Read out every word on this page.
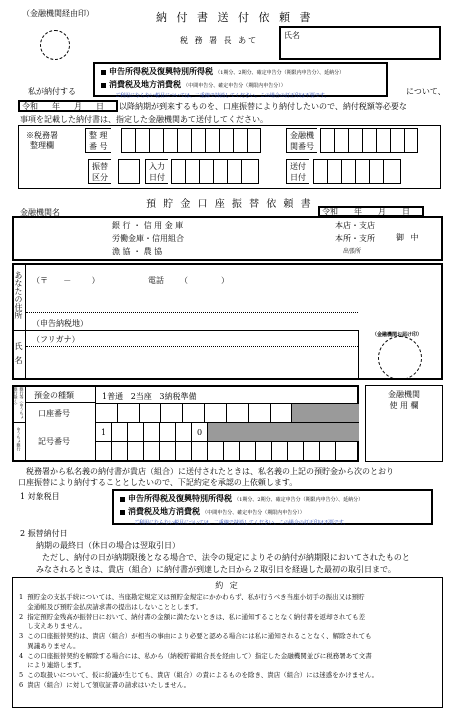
（金融機関経由印）	納 付 書 送 付 依 頼 書
税 務 署 長 あて
氏名
私が納付する
申告所得税及復興特別所得税 （1期分、2期分、確定申告分（期限内申告分）、延納分）
消費税及地方消費税 （中間申告分、確定申告分（期限内申告分））
ご利用にならない税目については、二重線で抹消してください。この場合の訂正印は不要です。	について、
令和 年 月 日 以降納期が到来するものを、口座振替により納付したいので、納付税額等必要な
事項を記載した納付書は、指定した金融機関あて送付してください。
※税務署
整理欄
整 理
番 号
金融機
関番号
振替
区分
入力
日付
送付
日付
預 貯 金 口 座 振 替 依 頼 書
金融機関名	令和 年 月 日
銀 行 ・ 信 用 金 庫
労働金庫・信用組合
漁 協 ・ 農 協
本店・支店
本所・支所
出張所
御 中
あなたの住所 （〒      －        ）	電話 （             ）
（申告納税地）
（フリガナ）
氏名
（金融機関お届け印）
銀行等（ゆうちょ銀行除く）
ゆうちょ銀行
預金の種類	1普通   2当座   3納税準備
口座番号
記号番号
1	0
金融機関
使 用 欄
税務署から私名義の納付書が貴店（組合）に送付されたときは、私名義の上記の預貯金から次のとおり
口座振替により納付することとしたいので、下記約定を承認の上依頼します。
1 対象税目	申告所得税及復興特別所得税 （1期分、2期分、確定申告分（期限内申告分）、延納分）
消費税及地方消費税 （中間申告分、確定申告分（期限内申告分））
ご利用にならない税目については、二重線で抹消してください。この場合の訂正印は不要です。
2 振替納付日
納期の最終日（休日の場合は翌取引日）
ただし、納付の日が納期限後となる場合で、法令の規定によりその納付が納期限においてされたものと
みなされるときは、貴店（組合）に納付書が到達した日から２取引日を経過した最初の取引日まで。
約 定

1  預貯金の支払手続については、当座勘定規定又は預貯金規定にかかわらず、私が行うべき当座小切手の振出又は預貯

金通帳及び預貯金払戻請求書の提出はしないこととします。

2  指定預貯金残高が振替日において、納付書の金額に満たないときは、私に通知することなく納付書を返却されても差

し支えありません。

3  この口座振替契約は、貴店（組合）が相当の事由により必要と認める場合には私に通知されることなく、解除されても

異議ありません。

4  この口座振替契約を解除する場合には、私から（納税貯蓄組合長を経由して）指定した金融機関並びに税務署あて文書

により連絡します。

5  この取扱いについて、仮に紛議が生じても、貴店（組合）の責によるものを除き、貴店（組合）には迷惑をかけません。

6  貴店（組合）に対して領収証書の請求はいたしません。
